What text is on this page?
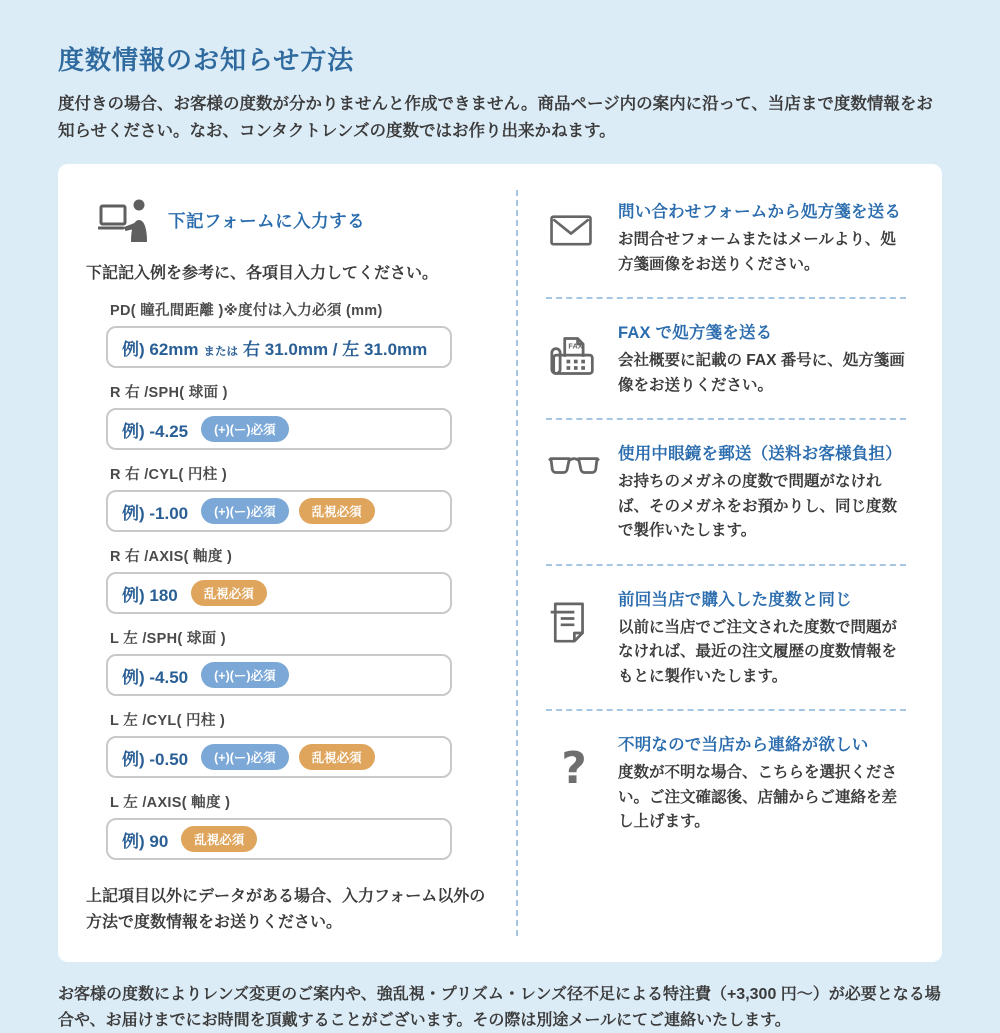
度数情報のお知らせ方法

度付きの場合、お客様の度数が分かりませんと作成できません。商品ページ内の案内に沿って、当店まで度数情報をお知らせください。なお、コンタクトレンズの度数ではお作り出来かねます。

下記フォームに入力する

下記記入例を参考に、各項目入力してください。

PD( 瞳孔間距離 )※度付は入力必須 (mm)
例) 62mm または 右 31.0mm / 左 31.0mm
R 右 /SPH( 球面 )
例) -4.25	(+)(ー)必須
R 右 /CYL( 円柱 )
例) -1.00	(+)(ー)必須	乱視必須
R 右 /AXIS( 軸度 )
例) 180	乱視必須
L 左 /SPH( 球面 )
例) -4.50	(+)(ー)必須
L 左 /CYL( 円柱 )
例) -0.50	(+)(ー)必須	乱視必須
L 左 /AXIS( 軸度 )
例) 90	乱視必須

上記項目以外にデータがある場合、入力フォーム以外の方法で度数情報をお送りください。

問い合わせフォームから処方箋を送る
お問合せフォームまたはメールより、処方箋画像をお送りください。
FAX
FAX で処方箋を送る
会社概要に記載の FAX 番号に、処方箋画像をお送りください。
使用中眼鏡を郵送（送料お客様負担）
お持ちのメガネの度数で問題がなければ、そのメガネをお預かりし、同じ度数で製作いたします。
前回当店で購入した度数と同じ
以前に当店でご注文された度数で問題がなければ、最近の注文履歴の度数情報をもとに製作いたします。
?	不明なので当店から連絡が欲しい
度数が不明な場合、こちらを選択ください。ご注文確認後、店舗からご連絡を差し上げます。

お客様の度数によりレンズ変更のご案内や、強乱視・プリズム・レンズ径不足による特注費（+3,300 円〜）が必要となる場合や、お届けまでにお時間を頂戴することがございます。その際は別途メールにてご連絡いたします。
